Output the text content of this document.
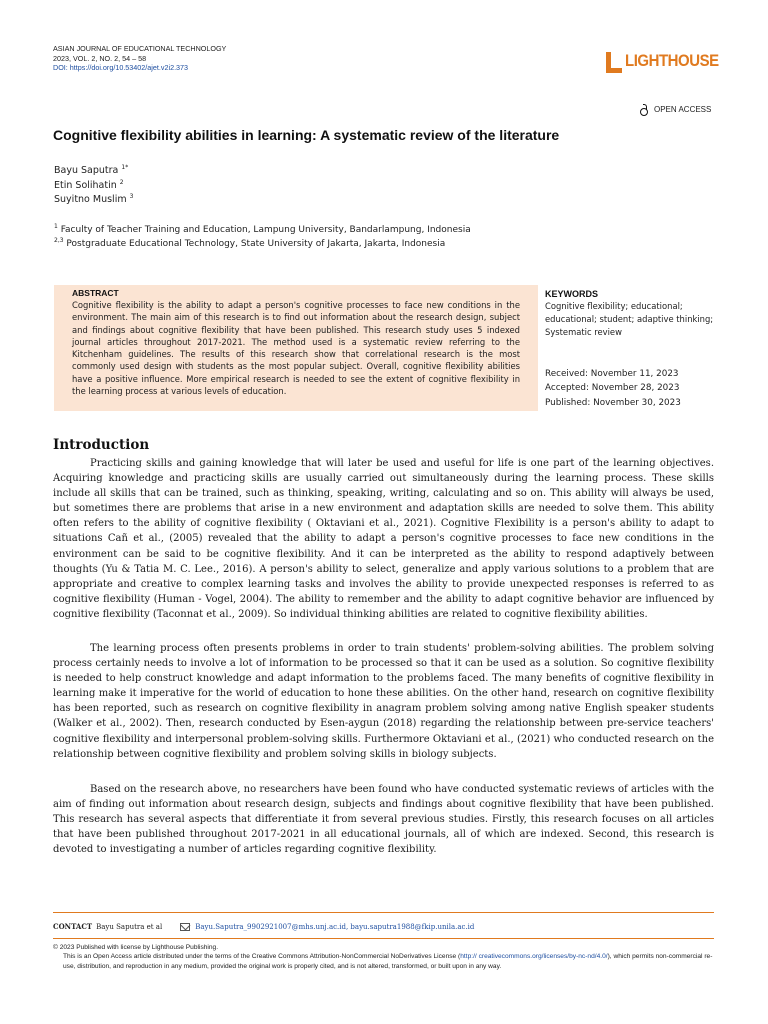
ASIAN JOURNAL OF EDUCATIONAL TECHNOLOGY
2023, VOL. 2, NO. 2, 54 – 58
DOI: https://doi.org/10.53402/ajet.v2i2.373	LIGHTHOUSE
OPEN ACCESS
Cognitive flexibility abilities in learning: A systematic review of the literature
Bayu Saputra $^{1*}$
Etin Solihatin $^2$
Suyitno Muslim $^3$
$^1$ Faculty of Teacher Training and Education, Lampung University, Bandarlampung, Indonesia
$^{2,3}$ Postgraduate Educational Technology, State University of Jakarta, Jakarta, Indonesia
ABSTRACT

Cognitive flexibility is the ability to adapt a person's cognitive processes to face new conditions in the environment. The main aim of this research is to find out information about the research design, subject and findings about cognitive flexibility that have been published. This research study uses 5 indexed journal articles throughout 2017-2021. The method used is a systematic review referring to the Kitchenham guidelines. The results of this research show that correlational research is the most commonly used design with students as the most popular subject. Overall, cognitive flexibility abilities have a positive influence. More empirical research is needed to see the extent of cognitive flexibility in the learning process at various levels of education.

KEYWORDS

Cognitive flexibility; educational; educational; student; adaptive thinking; Systematic review

Received: November 11, 2023
Accepted: November 28, 2023
Published: November 30, 2023
Introduction

Practicing skills and gaining knowledge that will later be used and useful for life is one part of the learning objectives. Acquiring knowledge and practicing skills are usually carried out simultaneously during the learning process. These skills include all skills that can be trained, such as thinking, speaking, writing, calculating and so on. This ability will always be used, but sometimes there are problems that arise in a new environment and adaptation skills are needed to solve them. This ability often refers to the ability of cognitive flexibility ( Oktaviani et al., 2021). Cognitive Flexibility is a person's ability to adapt to situations Cañ et al., (2005) revealed that the ability to adapt a person's cognitive processes to face new conditions in the environment can be said to be cognitive flexibility. And it can be interpreted as the ability to respond adaptively between thoughts (Yu & Tatia M. C. Lee., 2016). A person's ability to select, generalize and apply various solutions to a problem that are appropriate and creative to complex learning tasks and involves the ability to provide unexpected responses is referred to as cognitive flexibility (Human - Vogel, 2004). The ability to remember and the ability to adapt cognitive behavior are influenced by cognitive flexibility (Taconnat et al., 2009). So individual thinking abilities are related to cognitive flexibility abilities.

The learning process often presents problems in order to train students' problem-solving abilities. The problem solving process certainly needs to involve a lot of information to be processed so that it can be used as a solution. So cognitive flexibility is needed to help construct knowledge and adapt information to the problems faced. The many benefits of cognitive flexibility in learning make it imperative for the world of education to hone these abilities. On the other hand, research on cognitive flexibility has been reported, such as research on cognitive flexibility in anagram problem solving among native English speaker students (Walker et al., 2002). Then, research conducted by Esen-aygun (2018) regarding the relationship between pre-service teachers' cognitive flexibility and interpersonal problem-solving skills. Furthermore Oktaviani et al., (2021) who conducted research on the relationship between cognitive flexibility and problem solving skills in biology subjects.

Based on the research above, no researchers have been found who have conducted systematic reviews of articles with the aim of finding out information about research design, subjects and findings about cognitive flexibility that have been published. This research has several aspects that differentiate it from several previous studies. Firstly, this research focuses on all articles that have been published throughout 2017-2021 in all educational journals, all of which are indexed. Second, this research is devoted to investigating a number of articles regarding cognitive flexibility.

CONTACT Bayu Saputra et al	Bayu.Saputra_9902921007@mhs.unj.ac.id, bayu.saputra1988@fkip.unila.ac.id
© 2023 Published with license by Lighthouse Publishing.
This is an Open Access article distributed under the terms of the Creative Commons Attribution-NonCommercial NoDerivatives License (http:// creativecommons.org/licenses/by-nc-nd/4.0/), which permits non-commercial re-use, distribution, and reproduction in any medium, provided the original work is properly cited, and is not altered, transformed, or built upon in any way.
